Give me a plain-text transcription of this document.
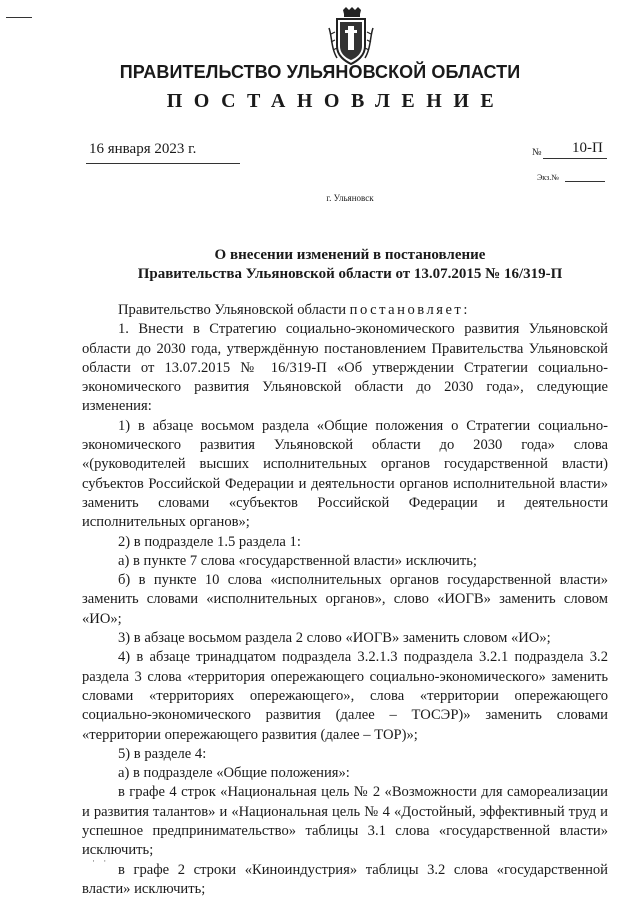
ПРАВИТЕЛЬСТВО УЛЬЯНОВСКОЙ ОБЛАСТИ
ПОСТАНОВЛЕНИЕ
16 января 2023 г.	№ 10-П
Экз.№
г. Ульяновск
О внесении изменений в постановление
Правительства Ульяновской области от 13.07.2015 № 16/319-П

Правительство Ульяновской области постановляет:

1. Внести в Стратегию социально-экономического развития Ульяновской области до 2030 года, утверждённую постановлением Правительства Ульяновской области от 13.07.2015 № 16/319-П «Об утверждении Стратегии социально-экономического развития Ульяновской области до 2030 года», следующие изменения:

1) в абзаце восьмом раздела «Общие положения о Стратегии социально-экономического развития Ульяновской области до 2030 года» слова «(руководителей высших исполнительных органов государственной власти) субъектов Российской Федерации и деятельности органов исполнительной власти» заменить словами «субъектов Российской Федерации и деятельности исполнительных органов»;

2) в подразделе 1.5 раздела 1:

а) в пункте 7 слова «государственной власти» исключить;

б) в пункте 10 слова «исполнительных органов государственной власти» заменить словами «исполнительных органов», слово «ИОГВ» заменить словом «ИО»;

3) в абзаце восьмом раздела 2 слово «ИОГВ» заменить словом «ИО»;

4) в абзаце тринадцатом подраздела 3.2.1.3 подраздела 3.2.1 подраздела 3.2 раздела 3 слова «территория опережающего социально-экономического» заменить словами «территориях опережающего», слова «территории опережающего социально-экономического развития (далее – ТОСЭР)» заменить словами «территории опережающего развития (далее – ТОР)»;

5) в разделе 4:

а) в подразделе «Общие положения»:

в графе 4 строк «Национальная цель № 2 «Возможности для самореализации и развития талантов» и «Национальная цель № 4 «Достойный, эффективный труд и успешное предпринимательство» таблицы 3.1 слова «государственной власти» исключить;

в графе 2 строки «Киноиндустрия» таблицы 3.2 слова «государственной власти» исключить;

· ·
